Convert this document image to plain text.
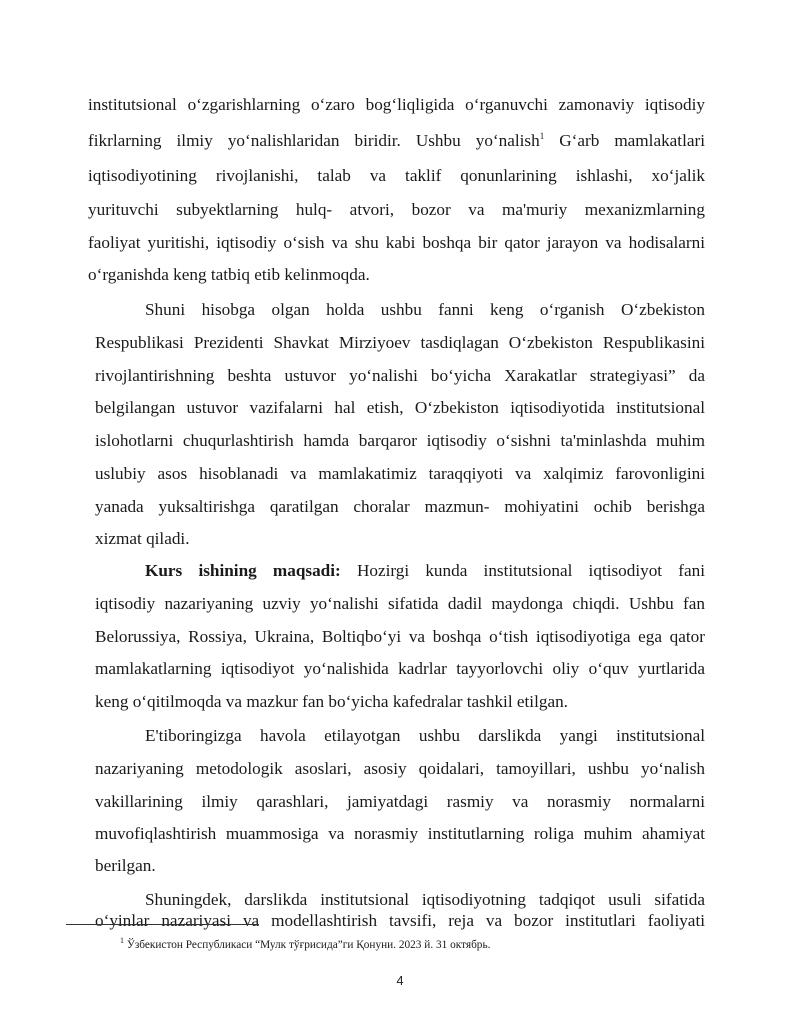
institutsional o‘zgarishlarning o‘zaro bog‘liqligida o‘rganuvchi zamonaviy iqtisodiy
fikrlarning ilmiy yo‘nalishlaridan biridir. Ushbu yo‘nalish$^1$ G‘arb mamlakatlari
iqtisodiyotining rivojlanishi, talab va taklif qonunlarining ishlashi, xo‘jalik
yurituvchi subyektlarning hulq- atvori, bozor va ma'muriy mexanizmlarning
faoliyat yuritishi, iqtisodiy o‘sish va shu kabi boshqa bir qator jarayon va hodisalarni
o‘rganishda keng tatbiq etib kelinmoqda.
Shuni hisobga olgan holda ushbu fanni keng o‘rganish O‘zbekiston
Respublikasi Prezidenti Shavkat Mirziyoev tasdiqlagan O‘zbekiston Respublikasini
rivojlantirishning beshta ustuvor yo‘nalishi bo‘yicha Xarakatlar strategiyasi” da
belgilangan ustuvor vazifalarni hal etish, O‘zbekiston iqtisodiyotida institutsional
islohotlarni chuqurlashtirish hamda barqaror iqtisodiy o‘sishni ta'minlashda muhim
uslubiy asos hisoblanadi va mamlakatimiz taraqqiyoti va xalqimiz farovonligini
yanada yuksaltirishga qaratilgan choralar mazmun- mohiyatini ochib berishga
xizmat qiladi.
Kurs ishining maqsadi: Hozirgi kunda institutsional iqtisodiyot fani
iqtisodiy nazariyaning uzviy yo‘nalishi sifatida dadil maydonga chiqdi. Ushbu fan
Belorussiya, Rossiya, Ukraina, Boltiqbo‘yi va boshqa o‘tish iqtisodiyotiga ega qator
mamlakatlarning iqtisodiyot yo‘nalishida kadrlar tayyorlovchi oliy o‘quv yurtlarida
keng o‘qitilmoqda va mazkur fan bo‘yicha kafedralar tashkil etilgan.
E'tiboringizga havola etilayotgan ushbu darslikda yangi institutsional
nazariyaning metodologik asoslari, asosiy qoidalari, tamoyillari, ushbu yo‘nalish
vakillarining ilmiy qarashlari, jamiyatdagi rasmiy va norasmiy normalarni
muvofiqlashtirish muammosiga va norasmiy institutlarning roliga muhim ahamiyat
berilgan.
Shuningdek, darslikda institutsional iqtisodiyotning tadqiqot usuli sifatida
o‘yinlar nazariyasi va modellashtirish tavsifi, reja va bozor institutlari faoliyati
$^1$ Ўзбекистон Республикаси “Мулк тўғрисида”ги Қонуни. 2023 й. 31 октябрь.
4
